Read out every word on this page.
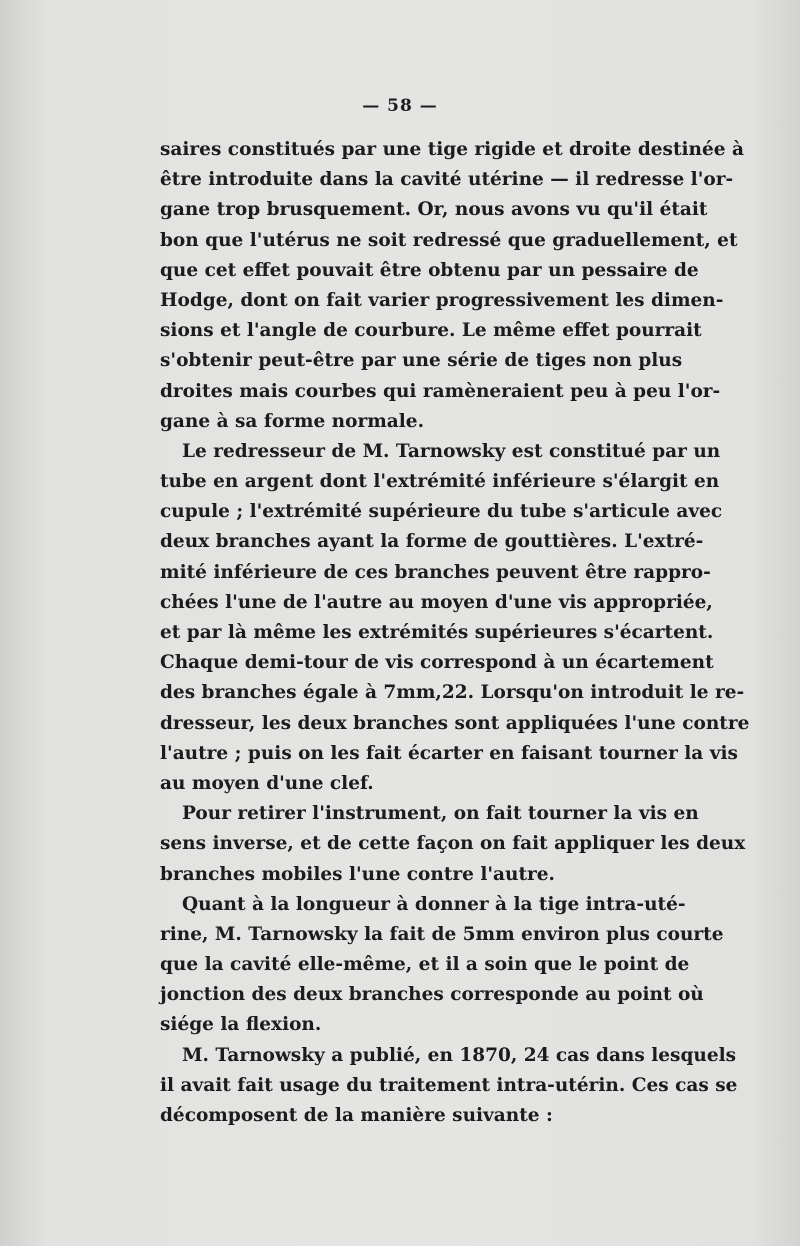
— 58 —
saires constitués par une tige rigide et droite destinée à
être introduite dans la cavité utérine — il redresse l'or-
gane trop brusquement. Or, nous avons vu qu'il était
bon que l'utérus ne soit redressé que graduellement, et
que cet effet pouvait être obtenu par un pessaire de
Hodge, dont on fait varier progressivement les dimen-
sions et l'angle de courbure. Le même effet pourrait
s'obtenir peut-être par une série de tiges non plus
droites mais courbes qui ramèneraient peu à peu l'or-
gane à sa forme normale.
Le redresseur de M. Tarnowsky est constitué par un
tube en argent dont l'extrémité inférieure s'élargit en
cupule ; l'extrémité supérieure du tube s'articule avec
deux branches ayant la forme de gouttières. L'extré-
mité inférieure de ces branches peuvent être rappro-
chées l'une de l'autre au moyen d'une vis appropriée,
et par là même les extrémités supérieures s'écartent.
Chaque demi-tour de vis correspond à un écartement
des branches égale à 7mm,22. Lorsqu'on introduit le re-
dresseur, les deux branches sont appliquées l'une contre
l'autre ; puis on les fait écarter en faisant tourner la vis
au moyen d'une clef.
Pour retirer l'instrument, on fait tourner la vis en
sens inverse, et de cette façon on fait appliquer les deux
branches mobiles l'une contre l'autre.
Quant à la longueur à donner à la tige intra-uté-
rine, M. Tarnowsky la fait de 5mm environ plus courte
que la cavité elle-même, et il a soin que le point de
jonction des deux branches corresponde au point où
siége la flexion.
M. Tarnowsky a publié, en 1870, 24 cas dans lesquels
il avait fait usage du traitement intra-utérin. Ces cas se
décomposent de la manière suivante :
